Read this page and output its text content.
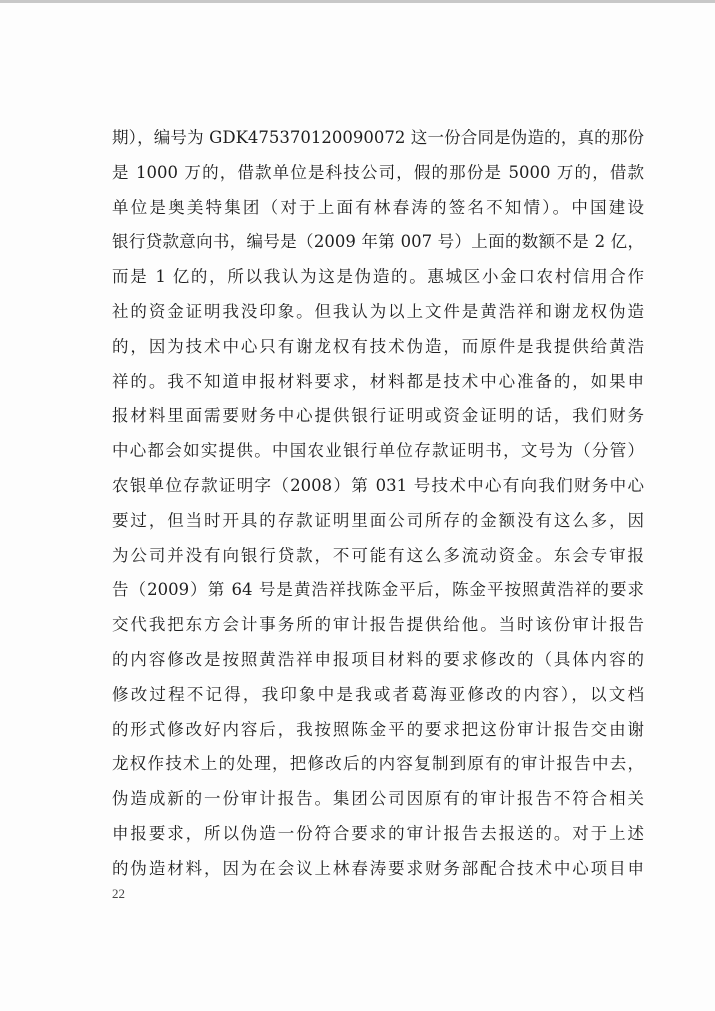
期），编号为 GDK475370120090072 这一份合同是伪造的，真的那份
是 1000 万的，借款单位是科技公司，假的那份是 5000 万的，借款
单位是奥美特集团（对于上面有林春涛的签名不知情）。中国建设
银行贷款意向书，编号是（2009 年第 007 号）上面的数额不是 2 亿，
而是 1 亿的，所以我认为这是伪造的。惠城区小金口农村信用合作
社的资金证明我没印象。但我认为以上文件是黄浩祥和谢龙权伪造
的，因为技术中心只有谢龙权有技术伪造，而原件是我提供给黄浩
祥的。我不知道申报材料要求，材料都是技术中心准备的，如果申
报材料里面需要财务中心提供银行证明或资金证明的话，我们财务
中心都会如实提供。中国农业银行单位存款证明书，文号为（分管）
农银单位存款证明字（2008）第 031 号技术中心有向我们财务中心
要过，但当时开具的存款证明里面公司所存的金额没有这么多，因
为公司并没有向银行贷款，不可能有这么多流动资金。东会专审报
告（2009）第 64 号是黄浩祥找陈金平后，陈金平按照黄浩祥的要求
交代我把东方会计事务所的审计报告提供给他。当时该份审计报告
的内容修改是按照黄浩祥申报项目材料的要求修改的（具体内容的
修改过程不记得，我印象中是我或者葛海亚修改的内容），以文档
的形式修改好内容后，我按照陈金平的要求把这份审计报告交由谢
龙权作技术上的处理，把修改后的内容复制到原有的审计报告中去，
伪造成新的一份审计报告。集团公司因原有的审计报告不符合相关
申报要求，所以伪造一份符合要求的审计报告去报送的。对于上述
的伪造材料，因为在会议上林春涛要求财务部配合技术中心项目申
22
